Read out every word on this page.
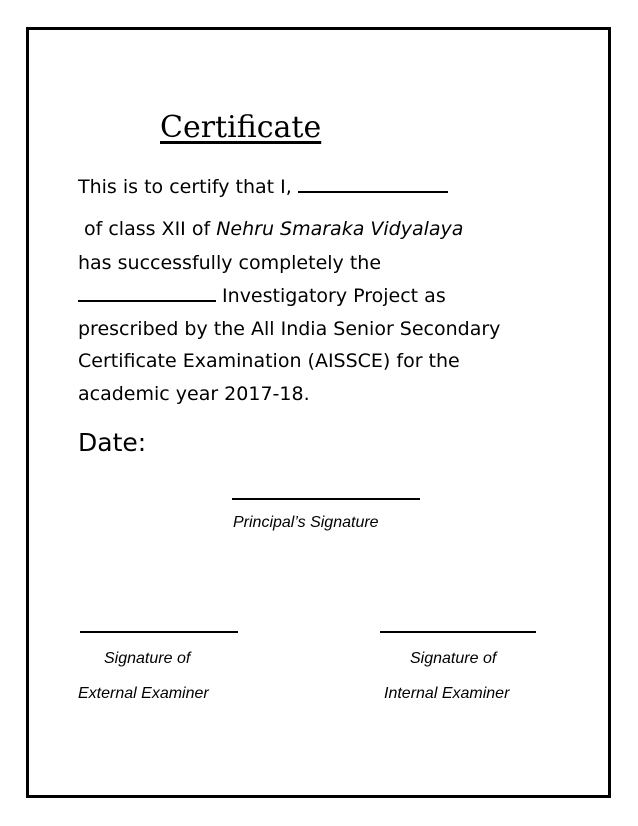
Certificate
This is to certify that I,
of class XII of Nehru Smaraka Vidyalaya
has successfully completely the
Investigatory Project as
prescribed by the All India Senior Secondary
Certificate Examination (AISSCE) for the
academic year 2017-18.
Date:
Principal’s Signature
Signature of
External Examiner
Signature of
Internal Examiner
